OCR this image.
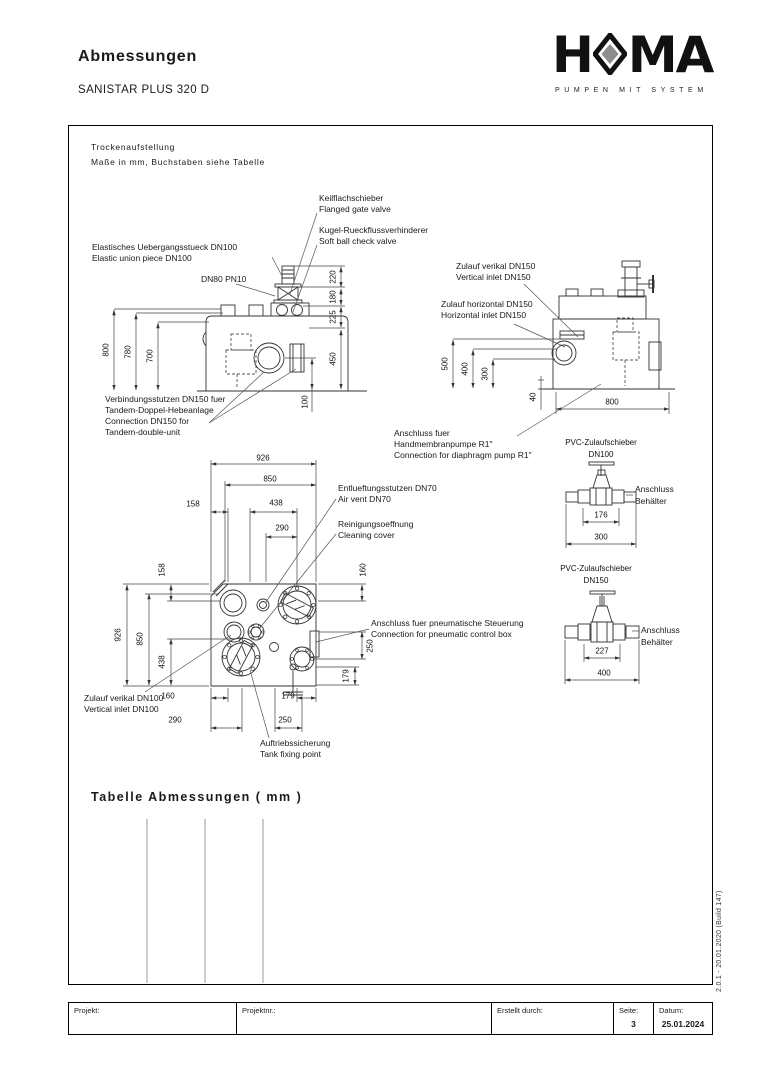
Abmessungen
SANISTAR PLUS 320 D
H MA
PUMPEN MIT SYSTEM
Trockenaufstellung
Maße in mm, Buchstaben siehe Tabelle
Keilflachschieber
Flanged gate valve
Kugel-Rueckflussverhinderer
Soft ball check valve
Elastisches Uebergangsstueck DN100
Elastic union piece DN100
DN80 PN10
Verbindungsstutzen DN150 fuer
Tandem-Doppel-Hebeanlage
Connection DN150 for
Tandem-double-unit
800 780 700
220
180
225
450
100
Zulauf verikal DN150
Vertical inlet DN150
Zulauf horizontal DN150
Horizontal inlet DN150
Anschluss fuer
Handmembranpumpe R1"
Connection for diaphragm pump R1"
500 400 300
40
800
PVC-Zulaufschieber
DN100
176
300
Anschluss
Behälter
PVC-Zulaufschieber
DN150
227
400
Anschluss
Behälter
Entlueftungsstutzen DN70
Air vent DN70
Reinigungsoeffnung
Cleaning cover
Anschluss fuer pneumatische Steuerung
Connection for pneumatic control box
Zulauf verikal DN100
Vertical inlet DN100
Auftriebssicherung
Tank fixing point
926
850
158	438
290
158
926 850
438
160
250
179
160
290
179
250
Tabelle Abmessungen ( mm )
2.0.1 - 20.01.2020 (Build 147)
Projekt:	Projektnr.:	Erstellt durch:	Seite:
3
Datum:
25.01.2024
